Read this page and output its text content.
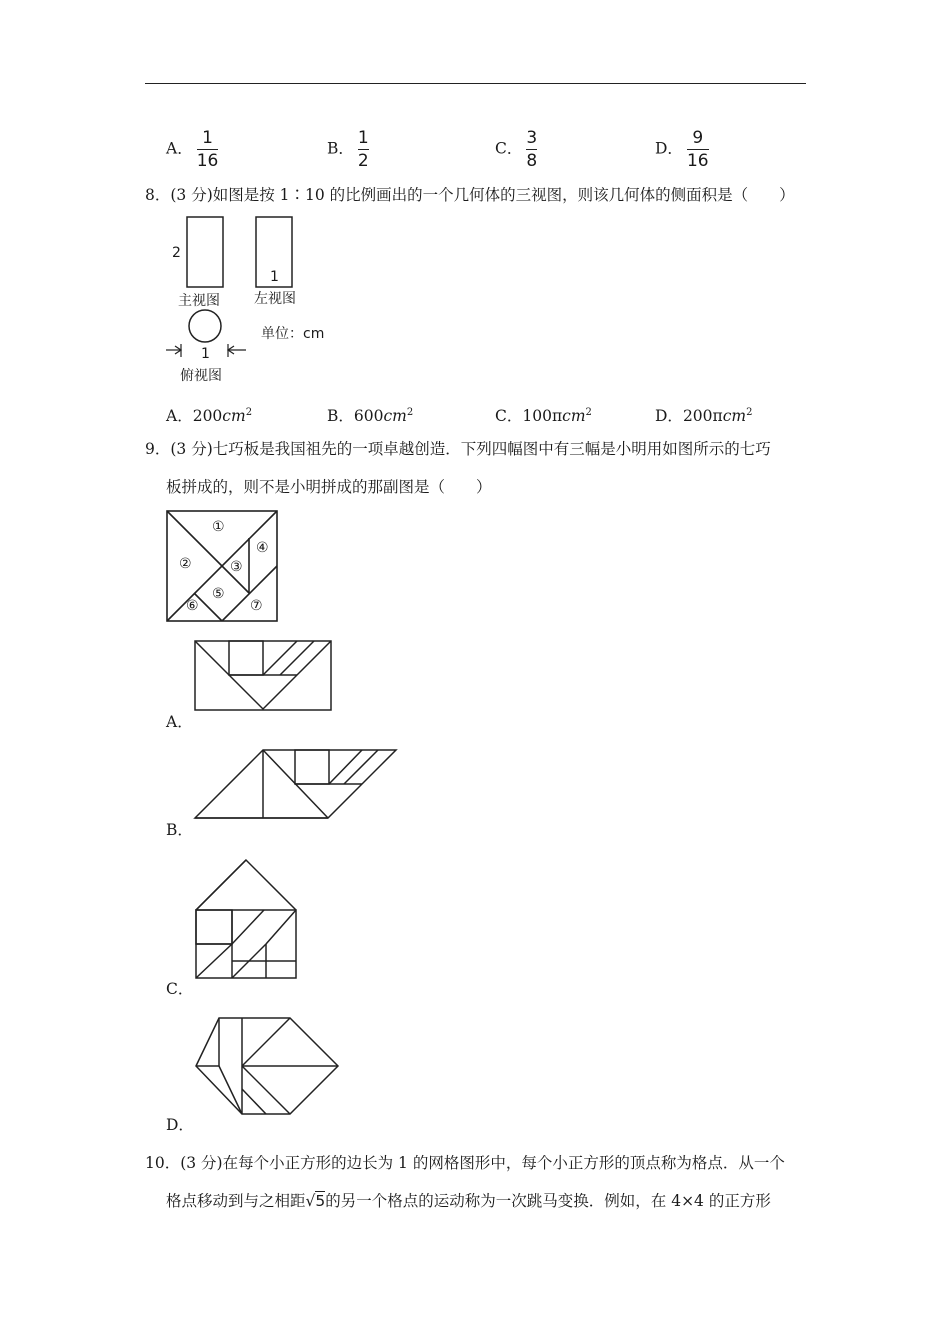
A． $\frac{1}{16}$	B． $\frac{1}{2}$	C． $\frac{3}{8}$	D． $\frac{9}{16}$
8．(3 分)如图是按 1∶10 的比例画出的一个几何体的三视图，则该几何体的侧面积是（　　）
2
1
主视图 左视图
单位：cm
1
俯视图
A．$200cm^2$	B．$600cm^2$	C．100πcm$^2$	D．200πcm$^2$
9．(3 分)七巧板是我国祖先的一项卓越创造．下列四幅图中有三幅是小明用如图所示的七巧
板拼成的，则不是小明拼成的那副图是（　　）
①
②	③
④
⑤
⑥	⑦
A．
B．
C．
D．
10．(3 分)在每个小正方形的边长为 1 的网格图形中，每个小正方形的顶点称为格点．从一个
格点移动到与之相距√5的另一个格点的运动称为一次跳马变换．例如，在 4×4 的正方形
